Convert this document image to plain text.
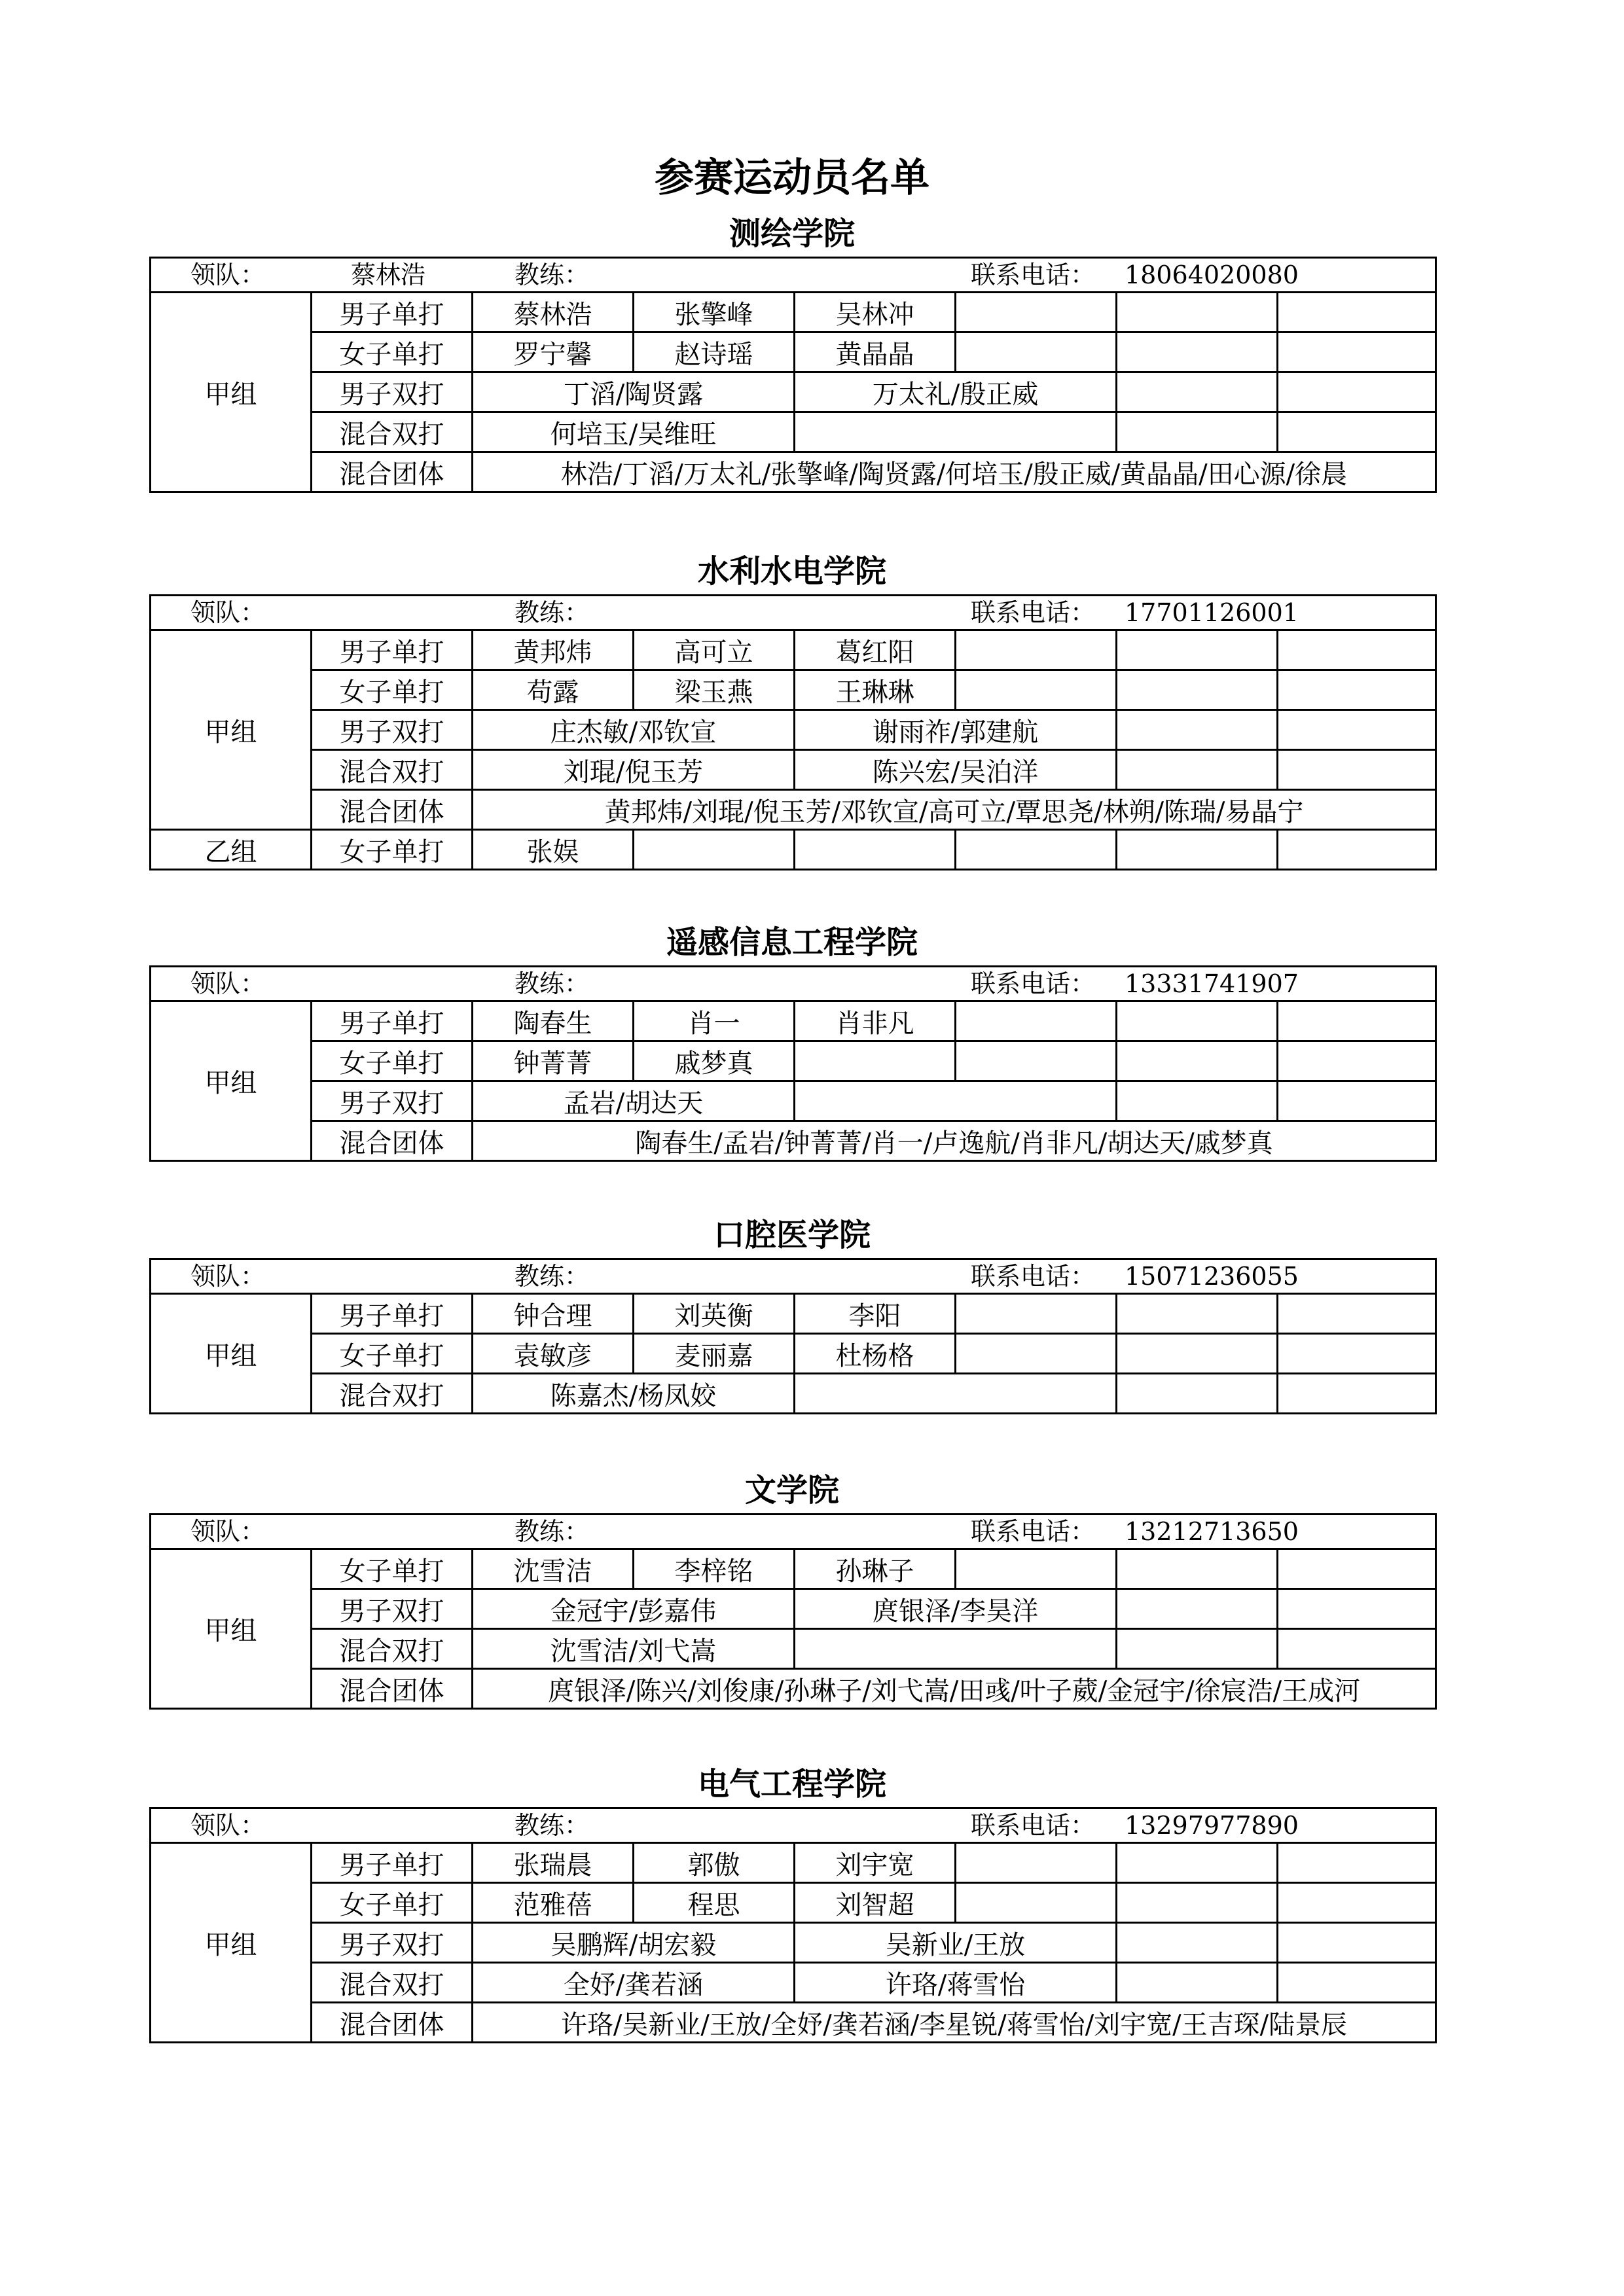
参赛运动员名单
测绘学院
领队： 蔡林浩 教练： 联系电话： 18064020080							

甲组	男子单打	蔡林浩	张擎峰	吴林冲			
	女子单打	罗宁馨	赵诗瑶	黄晶晶			
	男子双打	丁滔/陶贤露		万太礼/殷正威			
	混合双打	何培玉/吴维旺					
	混合团体	林浩/丁滔/万太礼/张擎峰/陶贤露/何培玉/殷正威/黄晶晶/田心源/徐晨					
水利水电学院
领队： 教练： 联系电话： 17701126001							

甲组	男子单打	黄邦炜	高可立	葛红阳			
	女子单打	苟露	梁玉燕	王琳琳			
	男子双打	庄杰敏/邓钦宣		谢雨祚/郭建航			
	混合双打	刘琨/倪玉芳		陈兴宏/吴泊洋			
	混合团体	黄邦炜/刘琨/倪玉芳/邓钦宣/高可立/覃思尧/林朔/陈瑞/易晶宁					
乙组	女子单打	张娱					
遥感信息工程学院
领队： 教练： 联系电话： 13331741907							

甲组	男子单打	陶春生	肖一	肖非凡			
	女子单打	钟菁菁	戚梦真				
	男子双打	孟岩/胡达天					
	混合团体	陶春生/孟岩/钟菁菁/肖一/卢逸航/肖非凡/胡达天/戚梦真					
口腔医学院
领队： 教练： 联系电话： 15071236055							

甲组	男子单打	钟合理	刘英衡	李阳			
	女子单打	袁敏彦	麦丽嘉	杜杨格			
	混合双打	陈嘉杰/杨凤姣					
文学院
领队： 教练： 联系电话： 13212713650							

甲组	女子单打	沈雪洁	李梓铭	孙琳子			
	男子双打	金冠宇/彭嘉伟		庹银泽/李昊洋			
	混合双打	沈雪洁/刘弋嵩					
	混合团体	庹银泽/陈兴/刘俊康/孙琳子/刘弋嵩/田彧/叶子葳/金冠宇/徐宸浩/王成河					
电气工程学院
领队： 教练： 联系电话： 13297977890							

甲组	男子单打	张瑞晨	郭傲	刘宇宽			
	女子单打	范雅蓓	程思	刘智超			
	男子双打	吴鹏辉/胡宏毅		吴新业/王放			
	混合双打	全妤/龚若涵		许珞/蒋雪怡			
	混合团体	许珞/吴新业/王放/全妤/龚若涵/李星锐/蒋雪怡/刘宇宽/王吉琛/陆景辰					
